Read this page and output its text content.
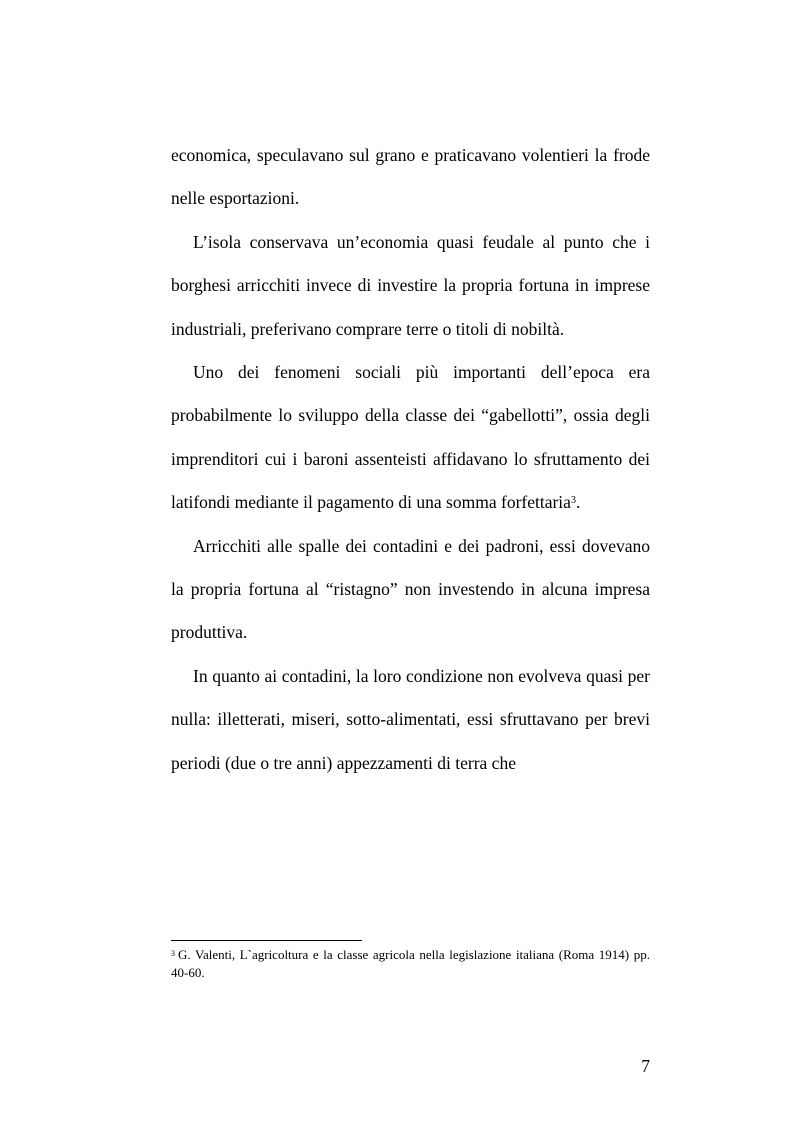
economica, speculavano sul grano e praticavano volentieri la frode nelle esportazioni.

L’isola conservava un’economia quasi feudale al punto che i borghesi arricchiti invece di investire la propria fortuna in imprese industriali, preferivano comprare terre o titoli di nobiltà.

Uno dei fenomeni sociali più importanti dell’epoca era probabilmente lo sviluppo della classe dei “gabellotti”, ossia degli imprenditori cui i baroni assenteisti affidavano lo sfruttamento dei latifondi mediante il pagamento di una somma forfettaria$^3$.

Arricchiti alle spalle dei contadini e dei padroni, essi dovevano la propria fortuna al “ristagno” non investendo in alcuna impresa produttiva.

In quanto ai contadini, la loro condizione non evolveva quasi per nulla: illetterati, miseri, sotto-alimentati, essi sfruttavano per brevi periodi (due o tre anni) appezzamenti di terra che

$^3$ G. Valenti, L`agricoltura e la classe agricola nella legislazione italiana (Roma 1914) pp. 40-60.
7
